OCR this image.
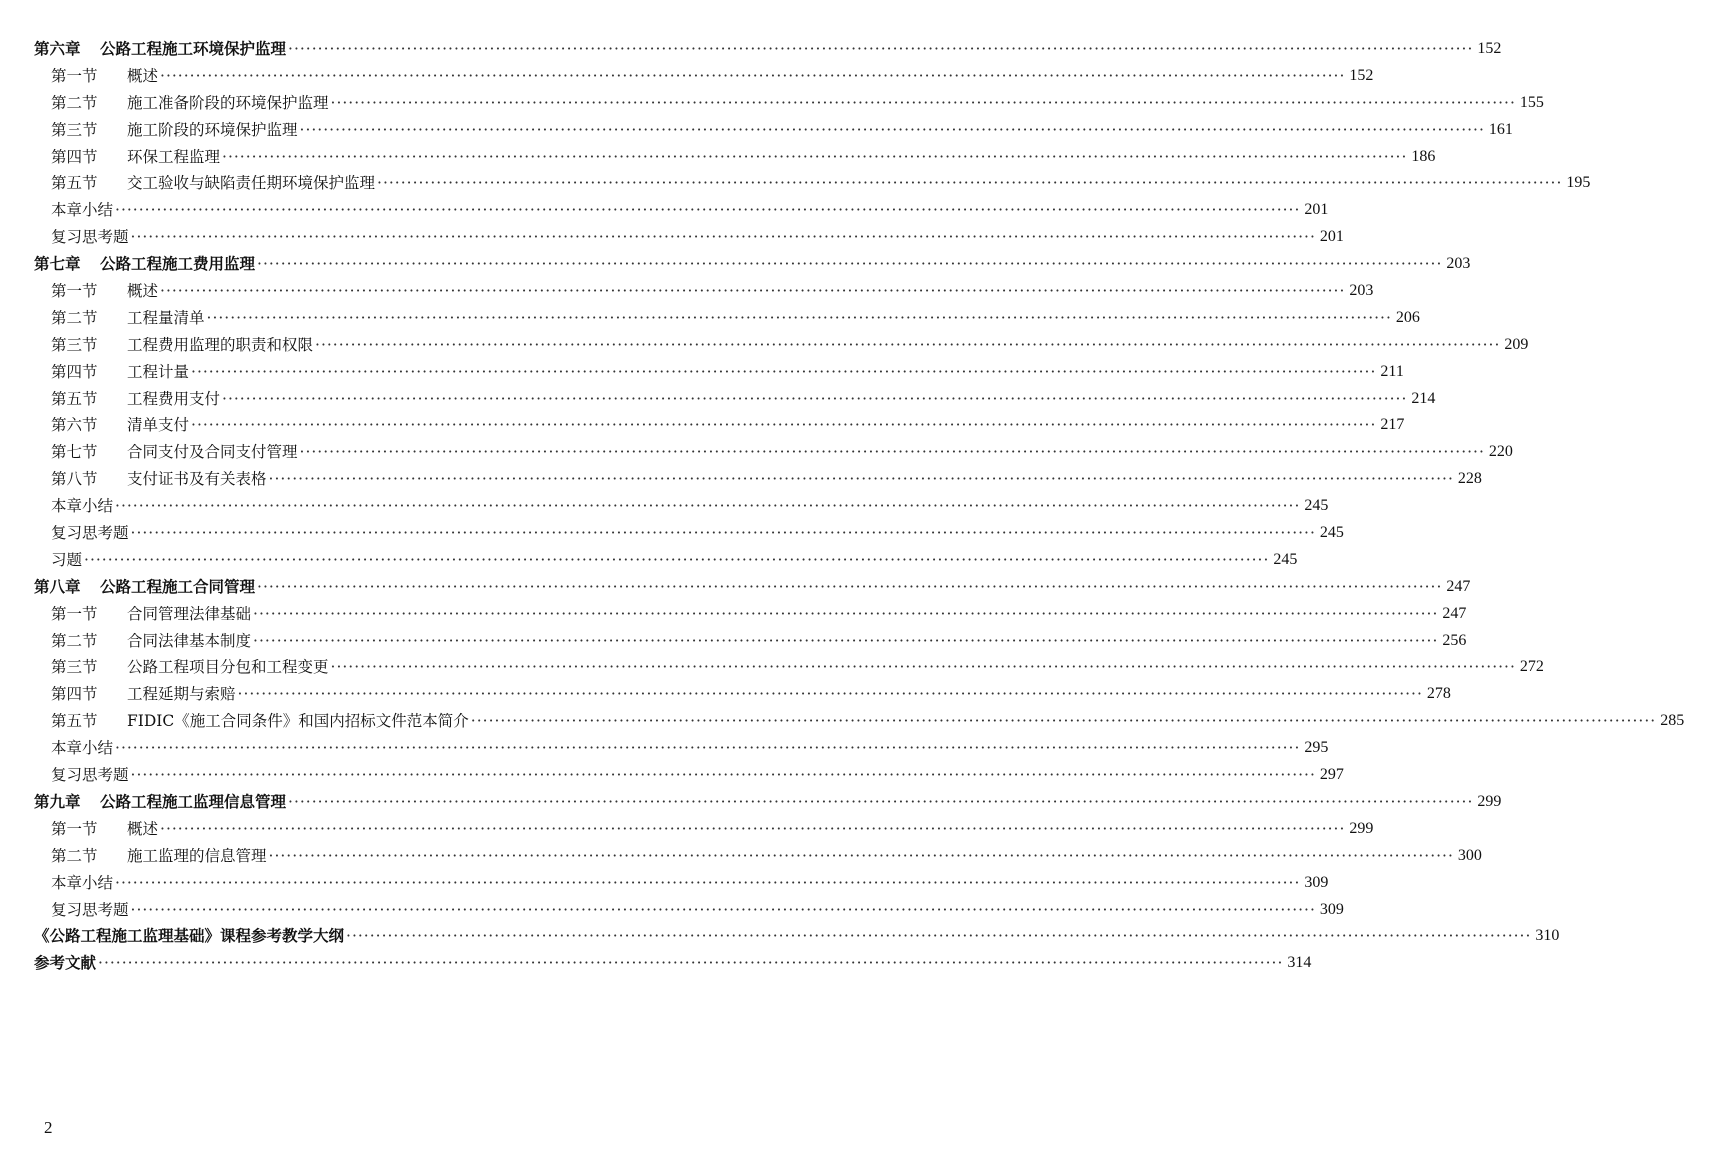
第六章	公路工程施工环境保护监理 ········································································································································································································ 152
第一节	概述 ········································································································································································································ 152
第二节	施工准备阶段的环境保护监理 ········································································································································································································ 155
第三节	施工阶段的环境保护监理 ········································································································································································································ 161
第四节	环保工程监理 ········································································································································································································ 186
第五节	交工验收与缺陷责任期环境保护监理 ········································································································································································································ 195
本章小结 ········································································································································································································ 201
复习思考题 ········································································································································································································ 201
第七章	公路工程施工费用监理 ········································································································································································································ 203
第一节	概述 ········································································································································································································ 203
第二节	工程量清单 ········································································································································································································ 206
第三节	工程费用监理的职责和权限 ········································································································································································································ 209
第四节	工程计量 ········································································································································································································ 211
第五节	工程费用支付 ········································································································································································································ 214
第六节	清单支付 ········································································································································································································ 217
第七节	合同支付及合同支付管理 ········································································································································································································ 220
第八节	支付证书及有关表格 ········································································································································································································ 228
本章小结 ········································································································································································································ 245
复习思考题 ········································································································································································································ 245
习题 ········································································································································································································ 245
第八章	公路工程施工合同管理 ········································································································································································································ 247
第一节	合同管理法律基础 ········································································································································································································ 247
第二节	合同法律基本制度 ········································································································································································································ 256
第三节	公路工程项目分包和工程变更 ········································································································································································································ 272
第四节	工程延期与索赔 ········································································································································································································ 278
第五节	FIDIC《施工合同条件》和国内招标文件范本简介 ········································································································································································································ 285
本章小结 ········································································································································································································ 295
复习思考题 ········································································································································································································ 297
第九章	公路工程施工监理信息管理 ········································································································································································································ 299
第一节	概述 ········································································································································································································ 299
第二节	施工监理的信息管理 ········································································································································································································ 300
本章小结 ········································································································································································································ 309
复习思考题 ········································································································································································································ 309
《公路工程施工监理基础》课程参考教学大纲 ········································································································································································································ 310
参考文献 ········································································································································································································ 314
2
